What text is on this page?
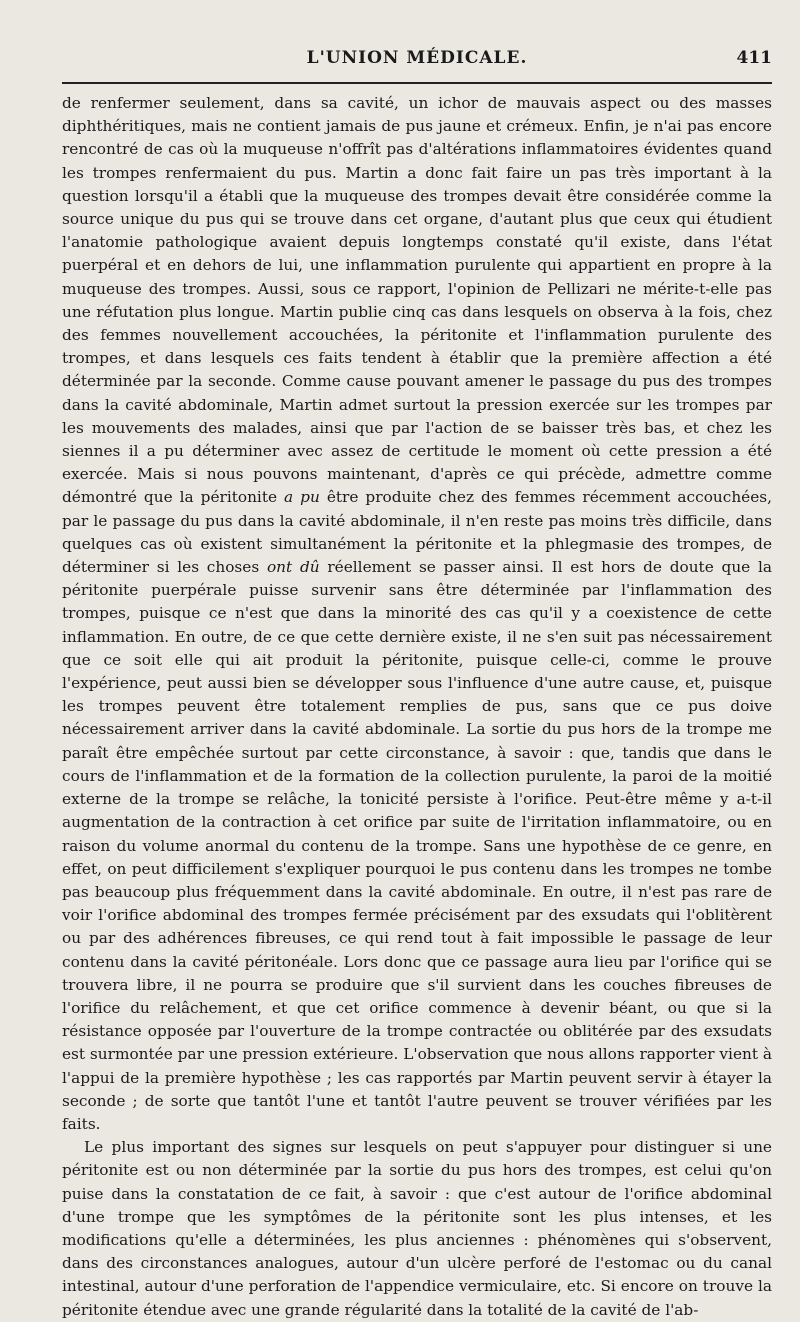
L'UNION MÉDICALE.	411

de renfermer seulement, dans sa cavité, un ichor de mauvais aspect ou des masses diphthéritiques, mais ne contient jamais de pus jaune et crémeux. Enfin, je n'ai pas encore rencontré de cas où la muqueuse n'offrît pas d'altérations inflammatoires évidentes quand les trompes renfermaient du pus. Martin a donc fait faire un pas très important à la question lorsqu'il a établi que la muqueuse des trompes devait être considérée comme la source unique du pus qui se trouve dans cet organe, d'autant plus que ceux qui étudient l'anatomie pathologique avaient depuis longtemps constaté qu'il existe, dans l'état puerpéral et en dehors de lui, une inflammation purulente qui appartient en propre à la muqueuse des trompes. Aussi, sous ce rapport, l'opinion de Pellizari ne mérite-t-elle pas une réfutation plus longue. Martin publie cinq cas dans lesquels on observa à la fois, chez des femmes nouvellement accouchées, la péritonite et l'inflammation purulente des trompes, et dans lesquels ces faits tendent à établir que la première affection a été déterminée par la seconde. Comme cause pouvant amener le passage du pus des trompes dans la cavité abdominale, Martin admet surtout la pression exercée sur les trompes par les mouvements des malades, ainsi que par l'action de se baisser très bas, et chez les siennes il a pu déterminer avec assez de certitude le moment où cette pression a été exercée. Mais si nous pouvons maintenant, d'après ce qui précède, admettre comme démontré que la péritonite a pu être produite chez des femmes récemment accouchées, par le passage du pus dans la cavité abdominale, il n'en reste pas moins très difficile, dans quelques cas où existent simultanément la péritonite et la phlegmasie des trompes, de déterminer si les choses ont dû réellement se passer ainsi. Il est hors de doute que la péritonite puerpérale puisse survenir sans être déterminée par l'inflammation des trompes, puisque ce n'est que dans la minorité des cas qu'il y a coexistence de cette inflammation. En outre, de ce que cette dernière existe, il ne s'en suit pas nécessairement que ce soit elle qui ait produit la péritonite, puisque celle-ci, comme le prouve l'expérience, peut aussi bien se développer sous l'influence d'une autre cause, et, puisque les trompes peuvent être totalement remplies de pus, sans que ce pus doive nécessairement arriver dans la cavité abdominale. La sortie du pus hors de la trompe me paraît être empêchée surtout par cette circonstance, à savoir : que, tandis que dans le cours de l'inflammation et de la formation de la collection purulente, la paroi de la moitié externe de la trompe se relâche, la tonicité persiste à l'orifice. Peut-être même y a-t-il augmentation de la contraction à cet orifice par suite de l'irritation inflammatoire, ou en raison du volume anormal du contenu de la trompe. Sans une hypothèse de ce genre, en effet, on peut difficilement s'expliquer pourquoi le pus contenu dans les trompes ne tombe pas beaucoup plus fréquemment dans la cavité abdominale. En outre, il n'est pas rare de voir l'orifice abdominal des trompes fermée précisément par des exsudats qui l'oblitèrent ou par des adhérences fibreuses, ce qui rend tout à fait impossible le passage de leur contenu dans la cavité péritonéale. Lors donc que ce passage aura lieu par l'orifice qui se trouvera libre, il ne pourra se produire que s'il survient dans les couches fibreuses de l'orifice du relâchement, et que cet orifice commence à devenir béant, ou que si la résistance opposée par l'ouverture de la trompe contractée ou oblitérée par des exsudats est surmontée par une pression extérieure. L'observation que nous allons rapporter vient à l'appui de la première hypothèse ; les cas rapportés par Martin peuvent servir à étayer la seconde ; de sorte que tantôt l'une et tantôt l'autre peuvent se trouver vérifiées par les faits.

Le plus important des signes sur lesquels on peut s'appuyer pour distinguer si une péritonite est ou non déterminée par la sortie du pus hors des trompes, est celui qu'on puise dans la constatation de ce fait, à savoir : que c'est autour de l'orifice abdominal d'une trompe que les symptômes de la péritonite sont les plus intenses, et les modifications qu'elle a déterminées, les plus anciennes : phénomènes qui s'observent, dans des circonstances analogues, autour d'un ulcère perforé de l'estomac ou du canal intestinal, autour d'une perforation de l'appendice vermiculaire, etc. Si encore on trouve la péritonite étendue avec une grande régularité dans la totalité de la cavité de l'ab-
